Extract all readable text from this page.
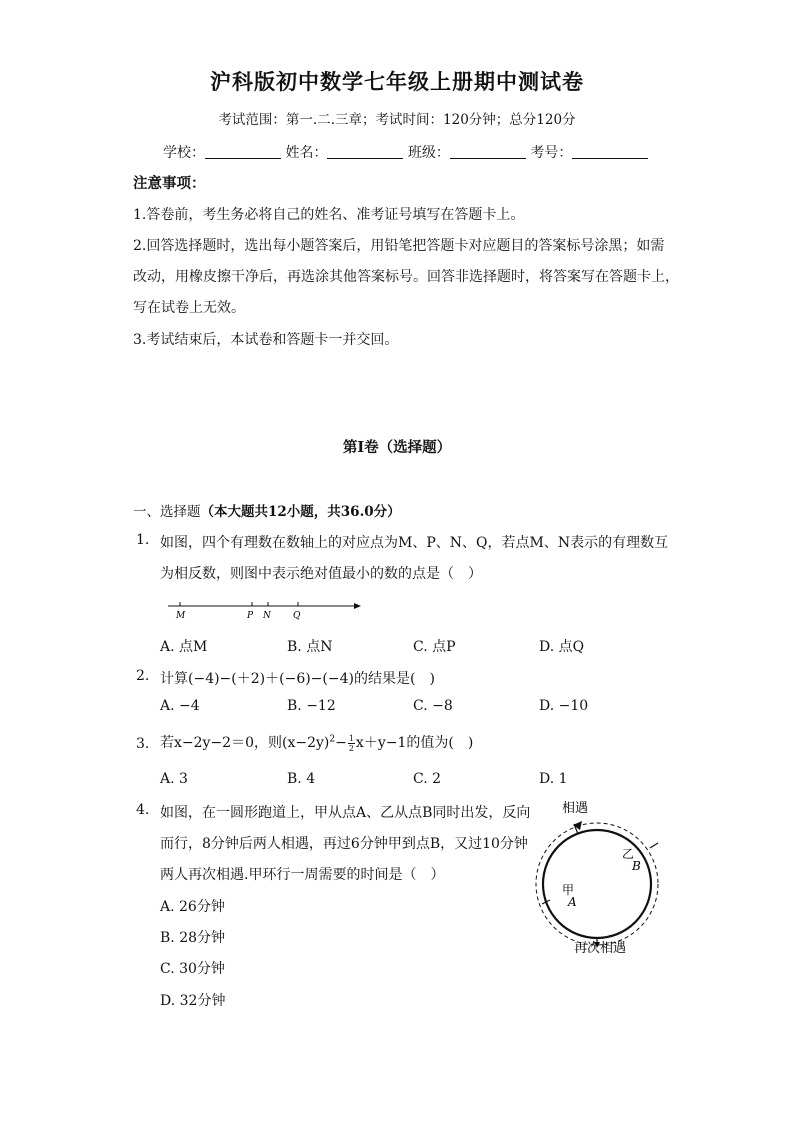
沪科版初中数学七年级上册期中测试卷
考试范围：第一.二.三章；考试时间：120分钟；总分120分
学校：	姓名：	班级：	考号：
注意事项：
1.答卷前，考生务必将自己的姓名、准考证号填写在答题卡上。
2.回答选择题时，选出每小题答案后，用铅笔把答题卡对应题目的答案标号涂黑；如需
改动，用橡皮擦干净后，再选涂其他答案标号。回答非选择题时，将答案写在答题卡上，
写在试卷上无效。
3.考试结束后，本试卷和答题卡一并交回。
第Ⅰ卷（选择题）
一、选择题（本大题共12小题，共36.0分）
1. 如图，四个有理数在数轴上的对应点为M、P、N、Q，若点M、N表示的有理数互
为相反数，则图中表示绝对值最小的数的点是（　）
M	P N Q
A. 点M	B. 点N	C. 点P	D. 点Q
2. 计算(−4)−(＋2)＋(−6)−(−4)的结果是(　)
A. −4	B. −12	C. −8	D. −10
3. 若x−2y−2＝0，则$(x-2y)^2- \frac{1}{2} x+y-1$的值为(　)
A. 3	B. 4	C. 2	D. 1
4. 如图，在一圆形跑道上，甲从点A、乙从点B同时出发，反向
而行，8分钟后两人相遇，再过6分钟甲到点B，又过10分钟
两人再次相遇.甲环行一周需要的时间是（　）
A. 26分钟
B. 28分钟
C. 30分钟
D. 32分钟
相遇
乙
B
甲
A
再次相遇
